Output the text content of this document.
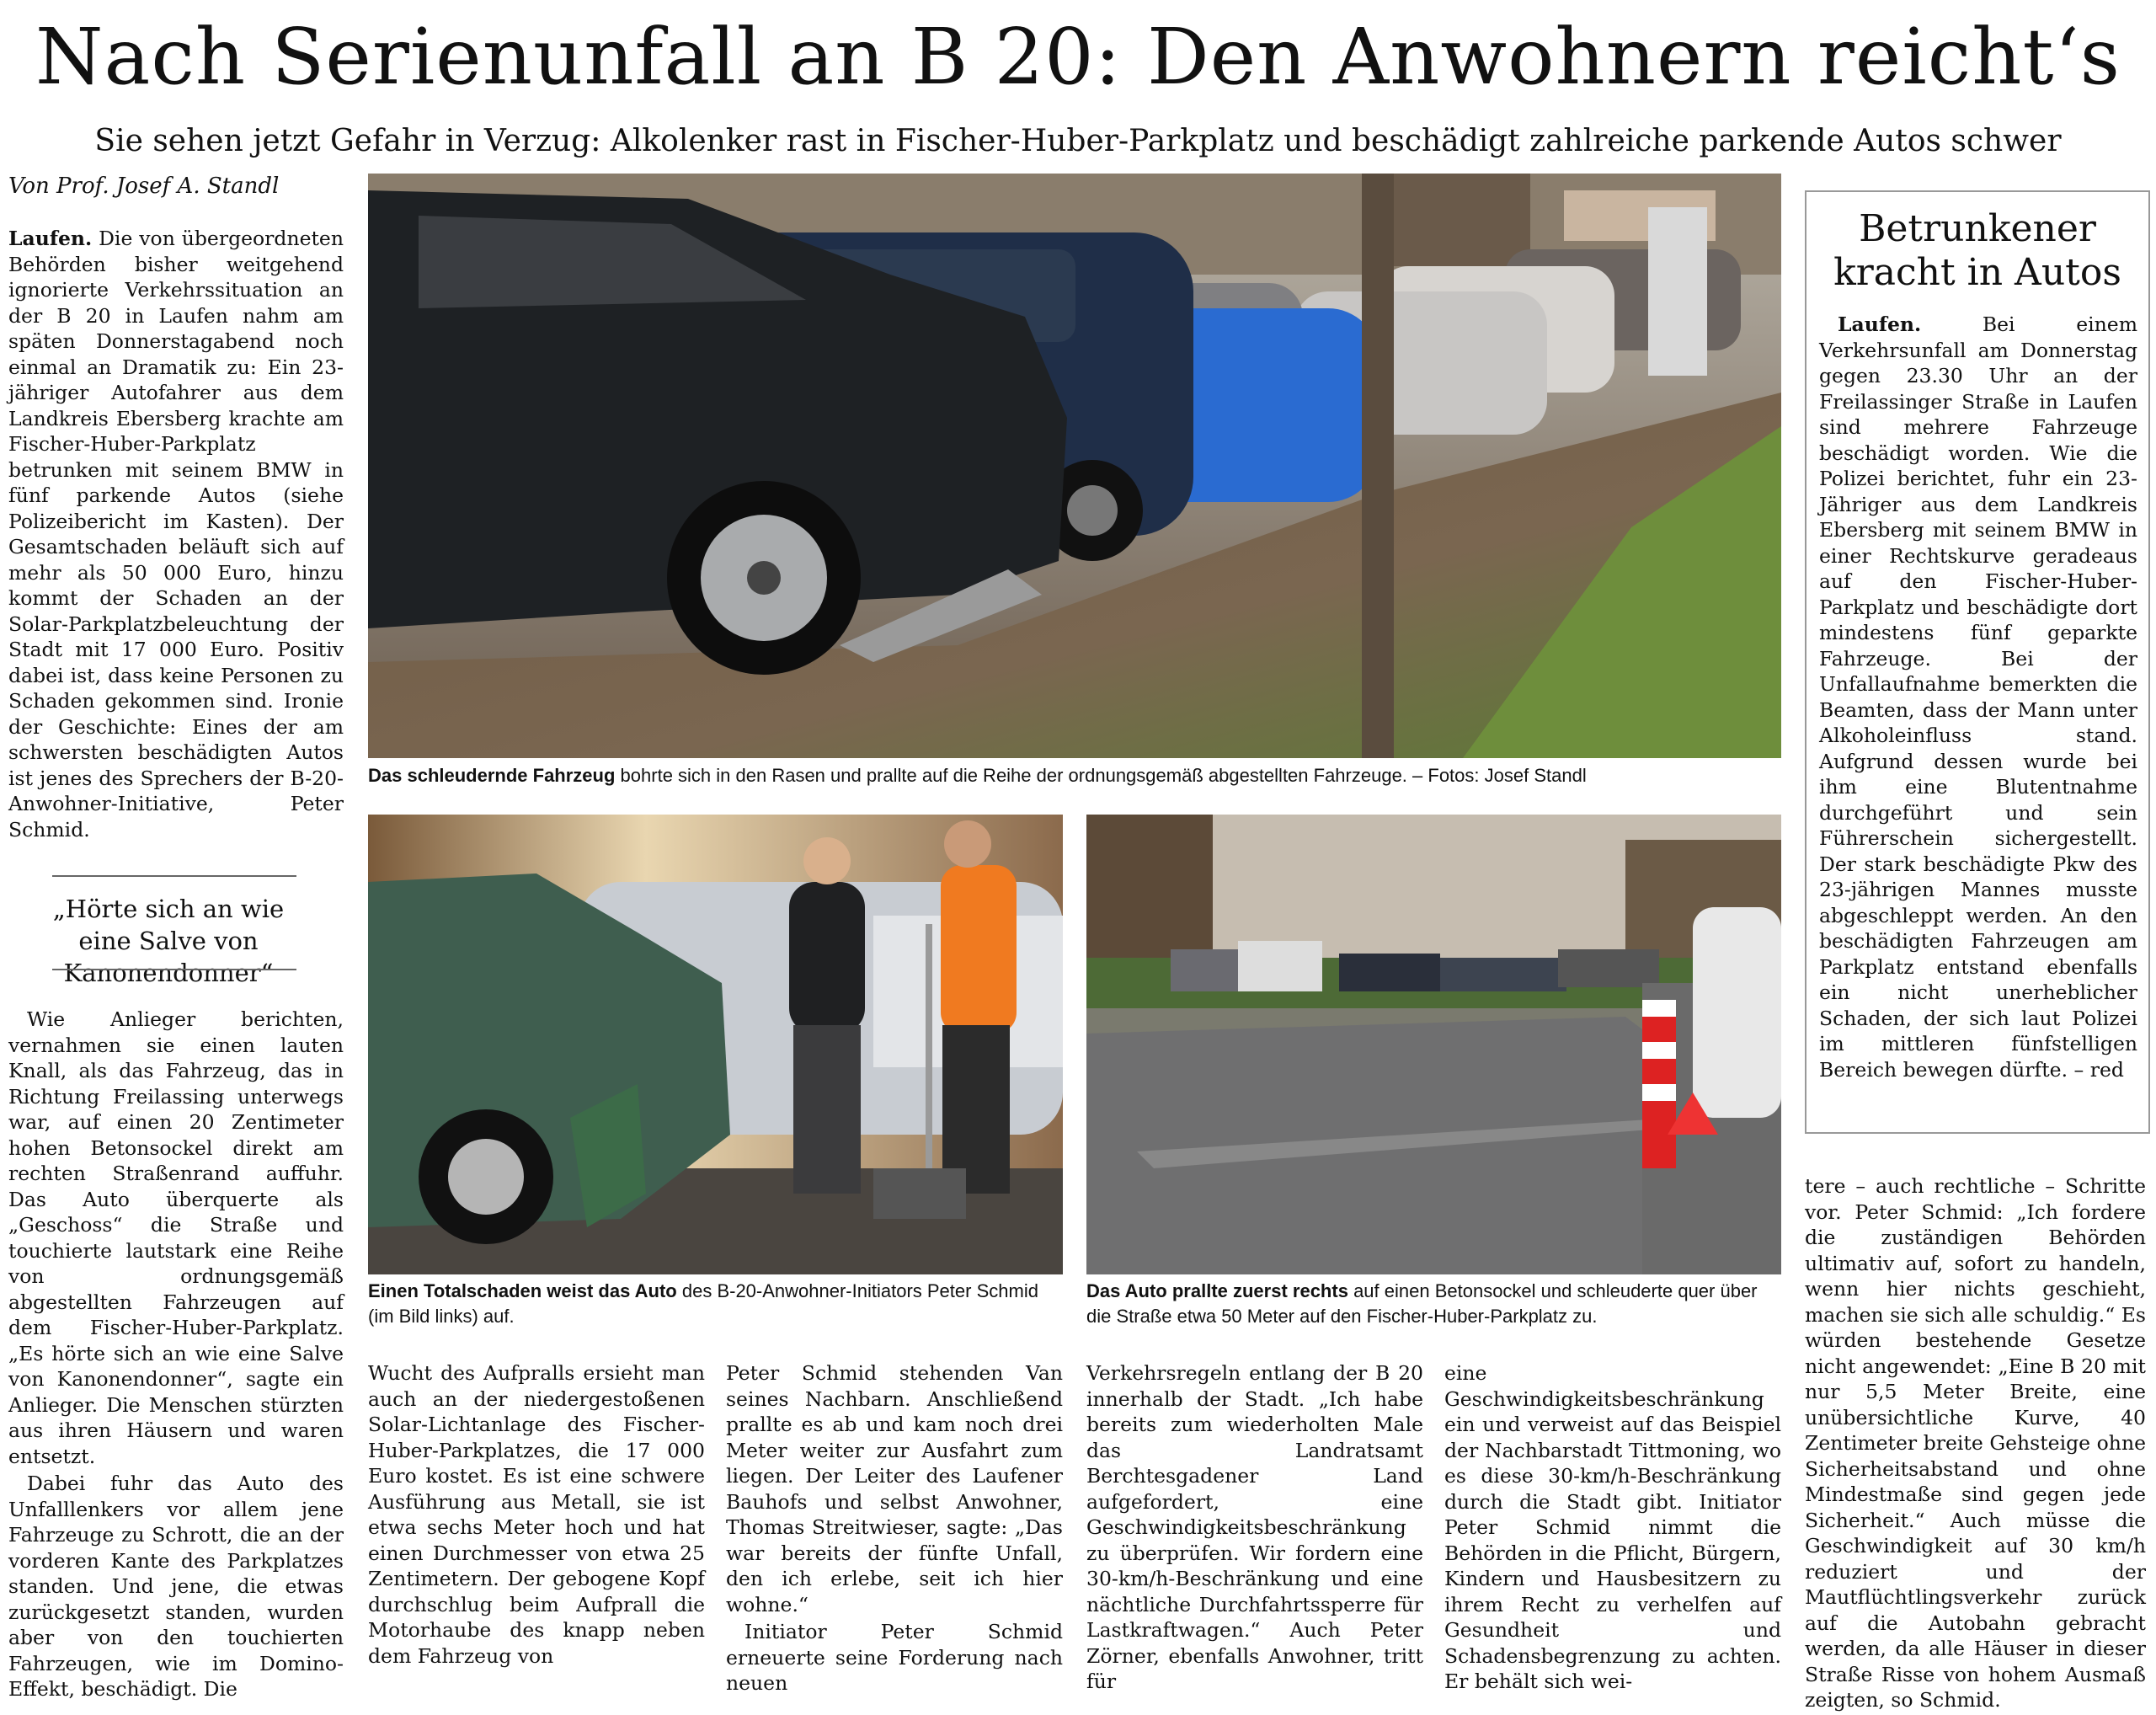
Nach Serienunfall an B 20: Den Anwohnern reicht‘s
Sie sehen jetzt Gefahr in Verzug: Alkolenker rast in Fischer-Huber-Parkplatz und beschädigt zahlreiche parkende Autos schwer
Von Prof. Josef A. Standl

Laufen. Die von übergeordneten Behörden bisher weitgehend ignorierte Verkehrssituation an der B 20 in Laufen nahm am späten Donnerstagabend noch einmal an Dramatik zu: Ein 23-jähriger Autofahrer aus dem Landkreis Ebersberg krachte am Fischer-Huber-Parkplatz betrunken mit seinem BMW in fünf parkende Autos (siehe Polizeibericht im Kasten). Der Gesamtschaden beläuft sich auf mehr als 50 000 Euro, hinzu kommt der Schaden an der Solar-Parkplatzbeleuchtung der Stadt mit 17 000 Euro. Positiv dabei ist, dass keine Personen zu Schaden gekommen sind. Ironie der Geschichte: Eines der am schwersten beschädigten Autos ist jenes des Sprechers der B-20-Anwohner-Initiative, Peter Schmid.

„Hörte sich an wie eine Salve von Kanonendonner“

Wie Anlieger berichten, vernahmen sie einen lauten Knall, als das Fahrzeug, das in Richtung Freilassing unterwegs war, auf einen 20 Zentimeter hohen Betonsockel direkt am rechten Straßenrand auffuhr. Das Auto überquerte als „Geschoss“ die Straße und touchierte lautstark eine Reihe von ordnungsgemäß abgestellten Fahrzeugen auf dem Fischer-Huber-Parkplatz. „Es hörte sich an wie eine Salve von Kanonendonner“, sagte ein Anlieger. Die Menschen stürzten aus ihren Häusern und waren entsetzt.

Dabei fuhr das Auto des Unfalllenkers vor allem jene Fahrzeuge zu Schrott, die an der vorderen Kante des Parkplatzes standen. Und jene, die etwas zurückgesetzt standen, wurden aber von den touchierten Fahrzeugen, wie im Domino-Effekt, beschädigt. Die

Das schleudernde Fahrzeug bohrte sich in den Rasen und prallte auf die Reihe der ordnungsgemäß abgestellten Fahrzeuge. – Fotos: Josef Standl
Einen Totalschaden weist das Auto des B-20-Anwohner-Initiators Peter Schmid (im Bild links) auf.
Das Auto prallte zuerst rechts auf einen Betonsockel und schleuderte quer über die Straße etwa 50 Meter auf den Fischer-Huber-Parkplatz zu.

Wucht des Aufpralls ersieht man auch an der niedergestoßenen Solar-Lichtanlage des Fischer-Huber-Parkplatzes, die 17 000 Euro kostet. Es ist eine schwere Ausführung aus Metall, sie ist etwa sechs Meter hoch und hat einen Durchmesser von etwa 25 Zentimetern. Der gebogene Kopf durchschlug beim Aufprall die Motorhaube des knapp neben dem Fahrzeug von

Peter Schmid stehenden Van seines Nachbarn. Anschließend prallte es ab und kam noch drei Meter weiter zur Ausfahrt zum liegen. Der Leiter des Laufener Bauhofs und selbst Anwohner, Thomas Streitwieser, sagte: „Das war bereits der fünfte Unfall, den ich erlebe, seit ich hier wohne.“

Initiator Peter Schmid erneuerte seine Forderung nach neuen

Verkehrsregeln entlang der B 20 innerhalb der Stadt. „Ich habe bereits zum wiederholten Male das Landratsamt Berchtesgadener Land aufgefordert, eine Geschwindigkeitsbeschränkung zu überprüfen. Wir fordern eine 30-km/h-Beschränkung und eine nächtliche Durchfahrtssperre für Lastkraftwagen.“ Auch Peter Zörner, ebenfalls Anwohner, tritt für

eine Geschwindigkeitsbeschränkung ein und verweist auf das Beispiel der Nachbarstadt Tittmoning, wo es diese 30-km/h-Beschränkung durch die Stadt gibt. Initiator Peter Schmid nimmt die Behörden in die Pflicht, Bürgern, Kindern und Hausbesitzern zu ihrem Recht zu verhelfen auf Gesundheit und Schadensbegrenzung zu achten. Er behält sich wei-

Betrunkener kracht in Autos

Laufen.	Bei einem Verkehrsunfall am Donnerstag gegen 23.30 Uhr an der Freilassinger Straße in Laufen sind mehrere Fahrzeuge beschädigt worden. Wie die Polizei berichtet, fuhr ein 23-Jähriger aus dem Landkreis Ebersberg mit seinem BMW in einer Rechtskurve geradeaus auf den Fischer-Huber-Parkplatz und beschädigte dort mindestens fünf geparkte Fahrzeuge. Bei der Unfallaufnahme bemerkten die Beamten, dass der Mann unter Alkoholeinfluss stand. Aufgrund dessen wurde bei ihm eine Blutentnahme durchgeführt und sein Führerschein sichergestellt. Der stark beschädigte Pkw des 23-jährigen Mannes musste abgeschleppt werden. An den beschädigten Fahrzeugen am Parkplatz entstand ebenfalls ein nicht unerheblicher Schaden, der sich laut Polizei im mittleren fünfstelligen Bereich bewegen dürfte. – red

tere – auch rechtliche – Schritte vor. Peter Schmid: „Ich fordere die zuständigen Behörden ultimativ auf, sofort zu handeln, wenn hier nichts geschieht, machen sie sich alle schuldig.“ Es würden bestehende Gesetze nicht angewendet: „Eine B 20 mit nur 5,5 Meter Breite, eine unübersichtliche Kurve, 40 Zentimeter breite Gehsteige ohne Sicherheitsabstand und ohne Mindestmaße sind gegen jede Sicherheit.“ Auch müsse die Geschwindigkeit auf 30 km/h reduziert und der Mautflüchtlingsverkehr zurück auf die Autobahn gebracht werden, da alle Häuser in dieser Straße Risse von hohem Ausmaß zeigten, so Schmid.
